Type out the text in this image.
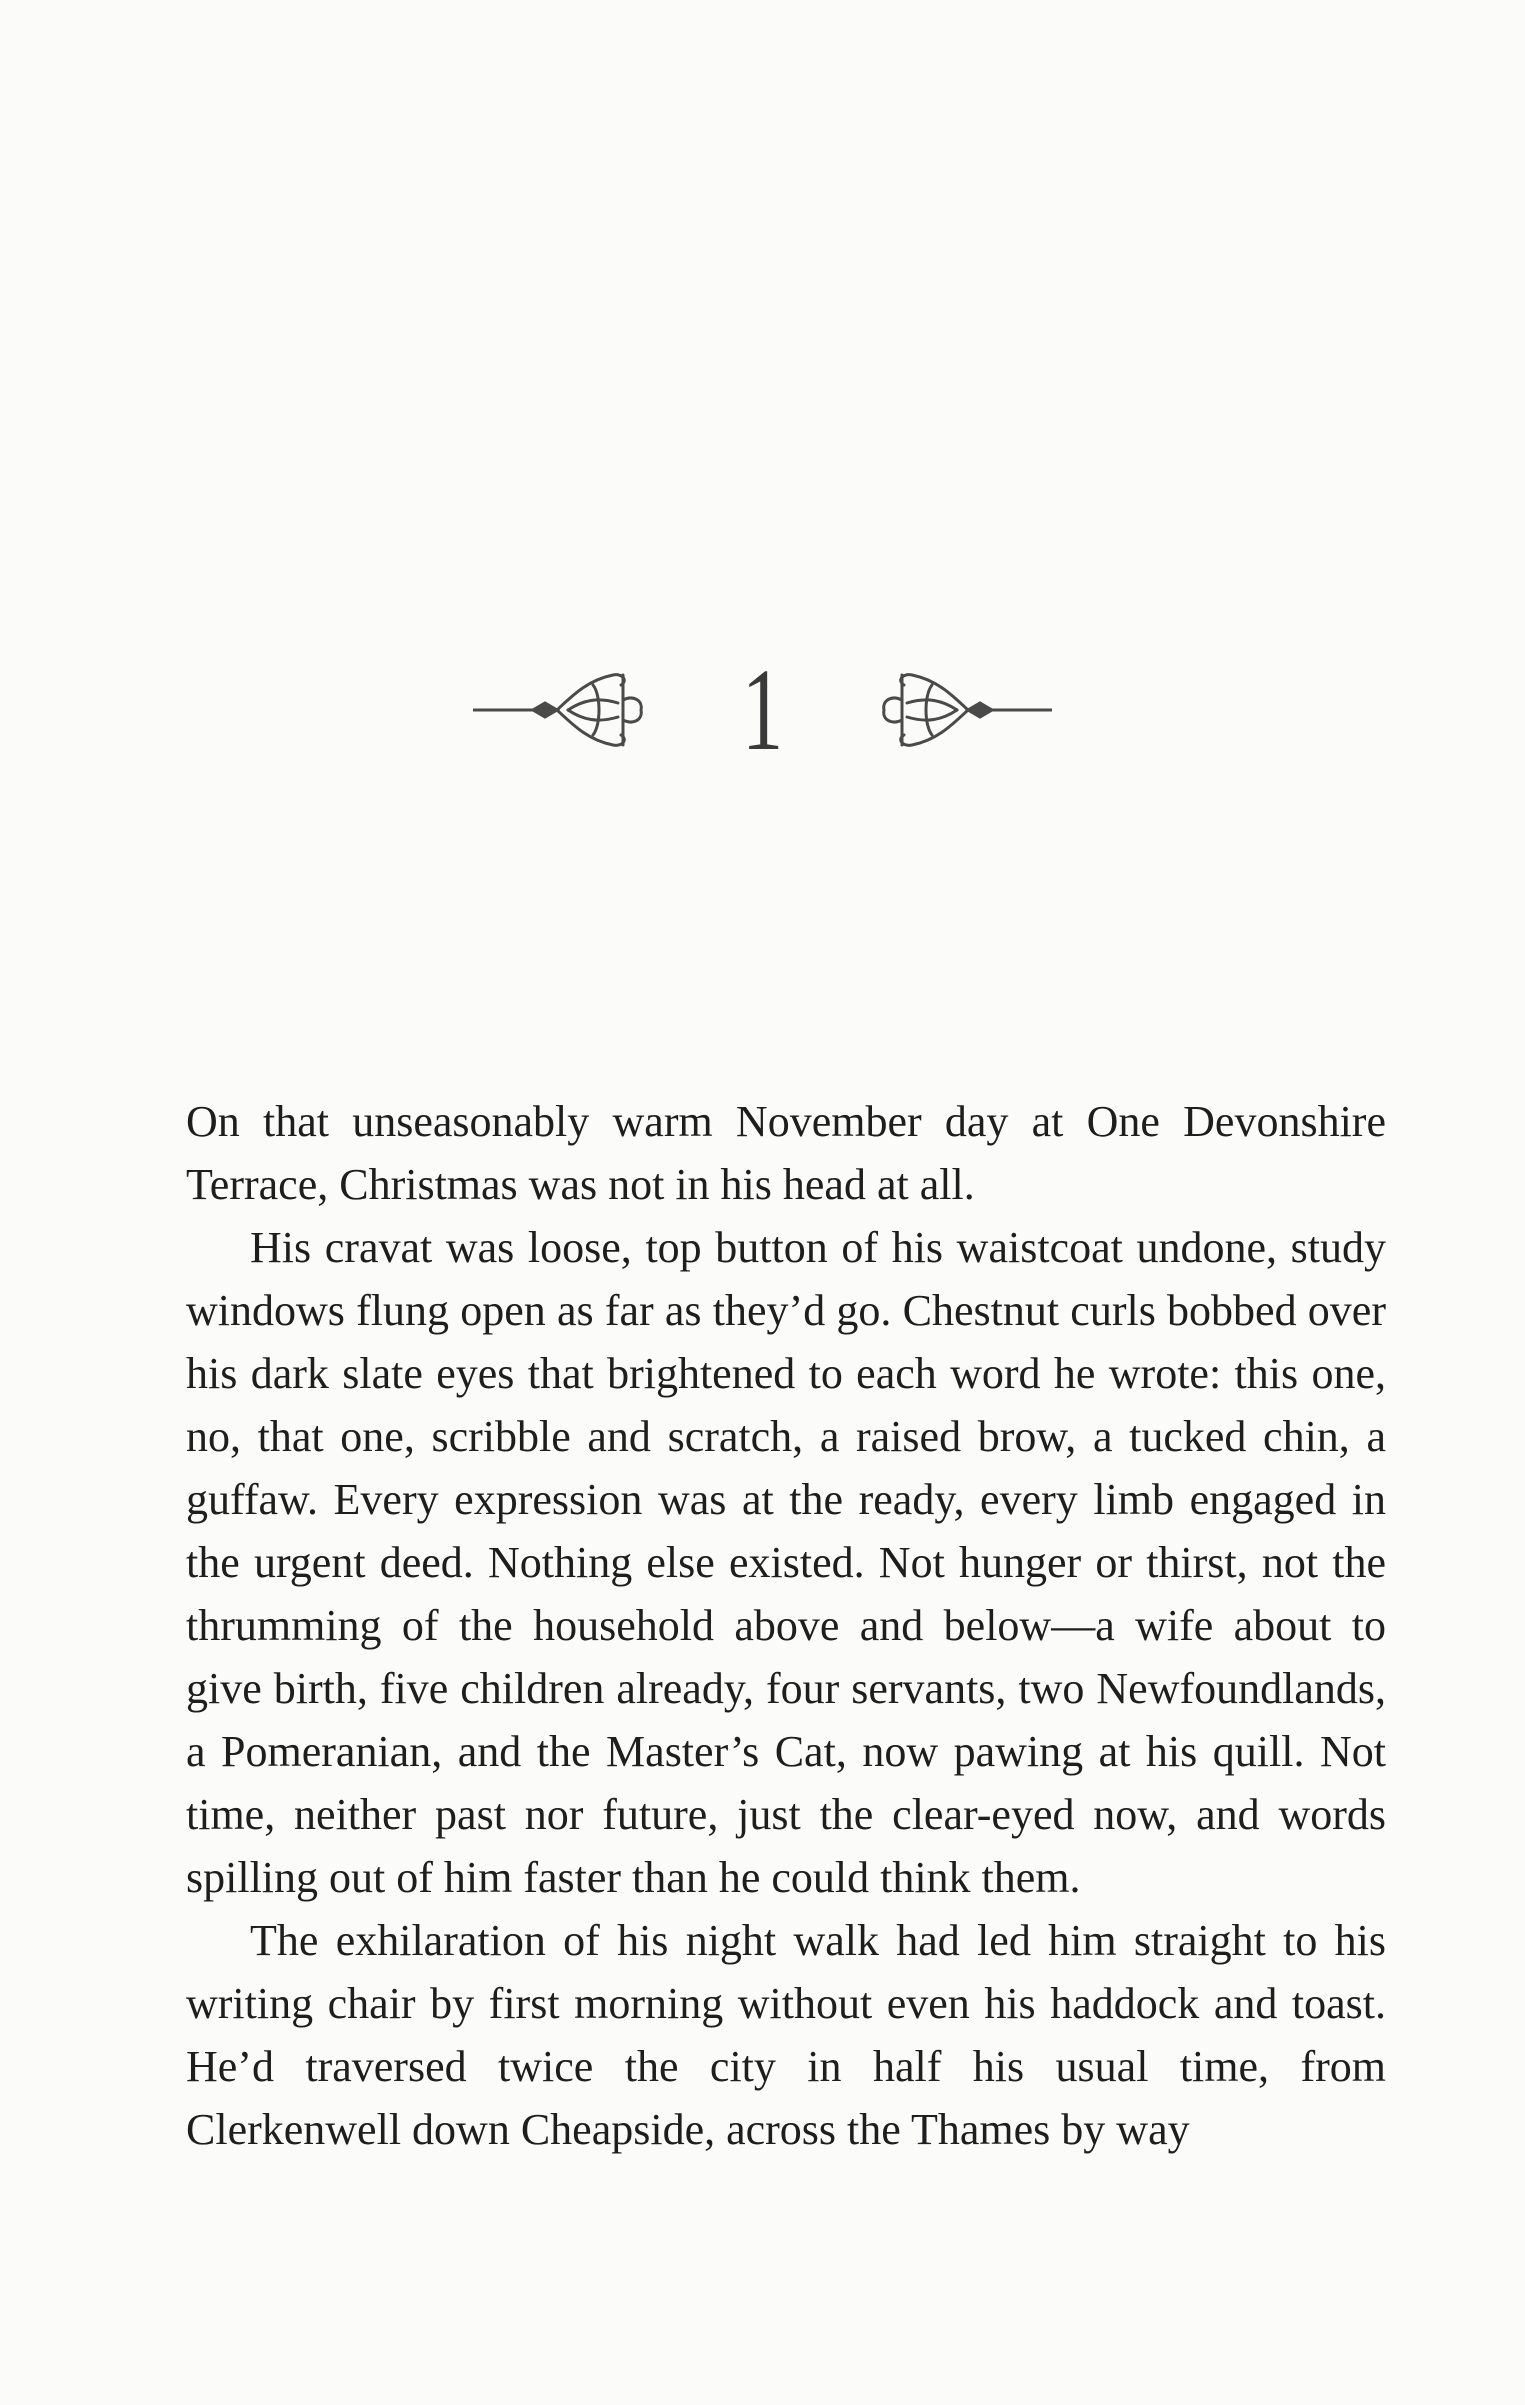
1

On that unseasonably warm November day at One Devonshire Terrace, Christmas was not in his head at all.

His cravat was loose, top button of his waistcoat undone, study windows flung open as far as they’d go. Chestnut curls bobbed over his dark slate eyes that brightened to each word he wrote: this one, no, that one, scribble and scratch, a raised brow, a tucked chin, a guffaw. Every expression was at the ready, every limb engaged in the urgent deed. Nothing else existed. Not hunger or thirst, not the thrumming of the household above and below—a wife about to give birth, five children already, four servants, two Newfoundlands, a Pomeranian, and the Master’s Cat, now pawing at his quill. Not time, neither past nor future, just the clear-eyed now, and words spilling out of him faster than he could think them.

The exhilaration of his night walk had led him straight to his writing chair by first morning without even his haddock and toast. He’d traversed twice the city in half his usual time, from Clerkenwell down Cheapside, across the Thames by way
